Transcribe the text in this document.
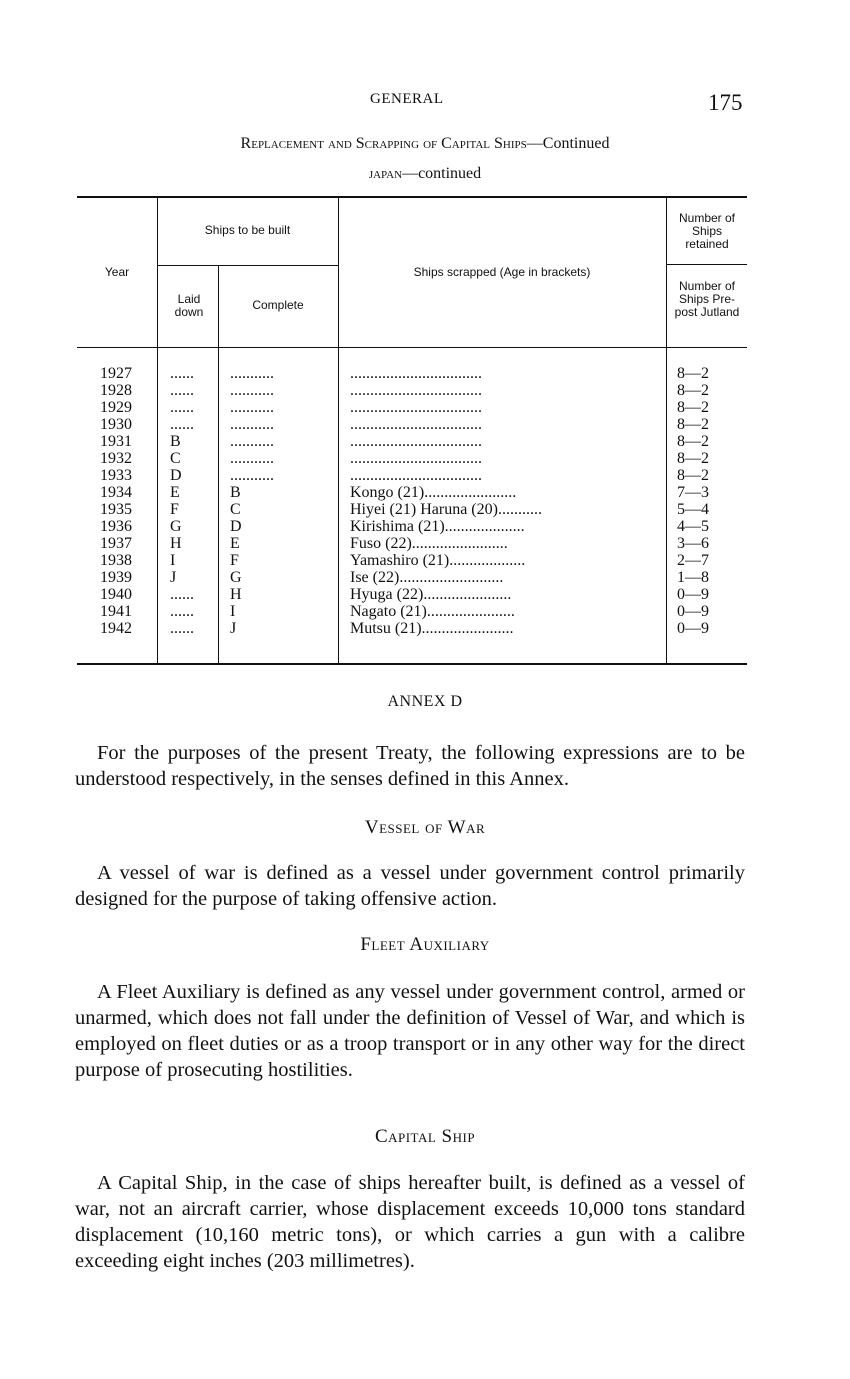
GENERAL	175
Replacement and Scrapping of Capital Ships—Continued
japan—continued
Year
Ships to be built
Laid down	Complete
Ships scrapped (Age in brackets)
Number of Ships retained
Number of Ships Pre- post Jutland
1927	......	...........	.................................	8—2
1928	......	...........	.................................	8—2
1929	......	...........	.................................	8—2
1930	......	...........	.................................	8—2
1931	B	...........	.................................	8—2
1932	C	...........	.................................	8—2
1933	D	...........	.................................	8—2
1934	E	B	Kongo (21).......................	7—3
1935	F	C	Hiyei (21) Haruna (20)...........	5—4
1936	G	D	Kirishima (21)....................	4—5
1937	H	E	Fuso (22)........................	3—6
1938	I	F	Yamashiro (21)...................	2—7
1939	J	G	Ise (22)..........................	1—8
1940	......	H	Hyuga (22)......................	0—9
1941	......	I	Nagato (21)......................	0—9
1942	......	J	Mutsu (21).......................	0—9
ANNEX D
For the purposes of the present Treaty, the following expressions are to be understood respectively, in the senses defined in this Annex.
Vessel of War
A vessel of war is defined as a vessel under government control primarily designed for the purpose of taking offensive action.
Fleet Auxiliary
A Fleet Auxiliary is defined as any vessel under government control, armed or unarmed, which does not fall under the definition of Vessel of War, and which is employed on fleet duties or as a troop transport or in any other way for the direct purpose of prosecuting hostilities.
Capital Ship
A Capital Ship, in the case of ships hereafter built, is defined as a vessel of war, not an aircraft carrier, whose displacement exceeds 10,000 tons standard displacement (10,160 metric tons), or which carries a gun with a calibre exceeding eight inches (203 millimetres).
